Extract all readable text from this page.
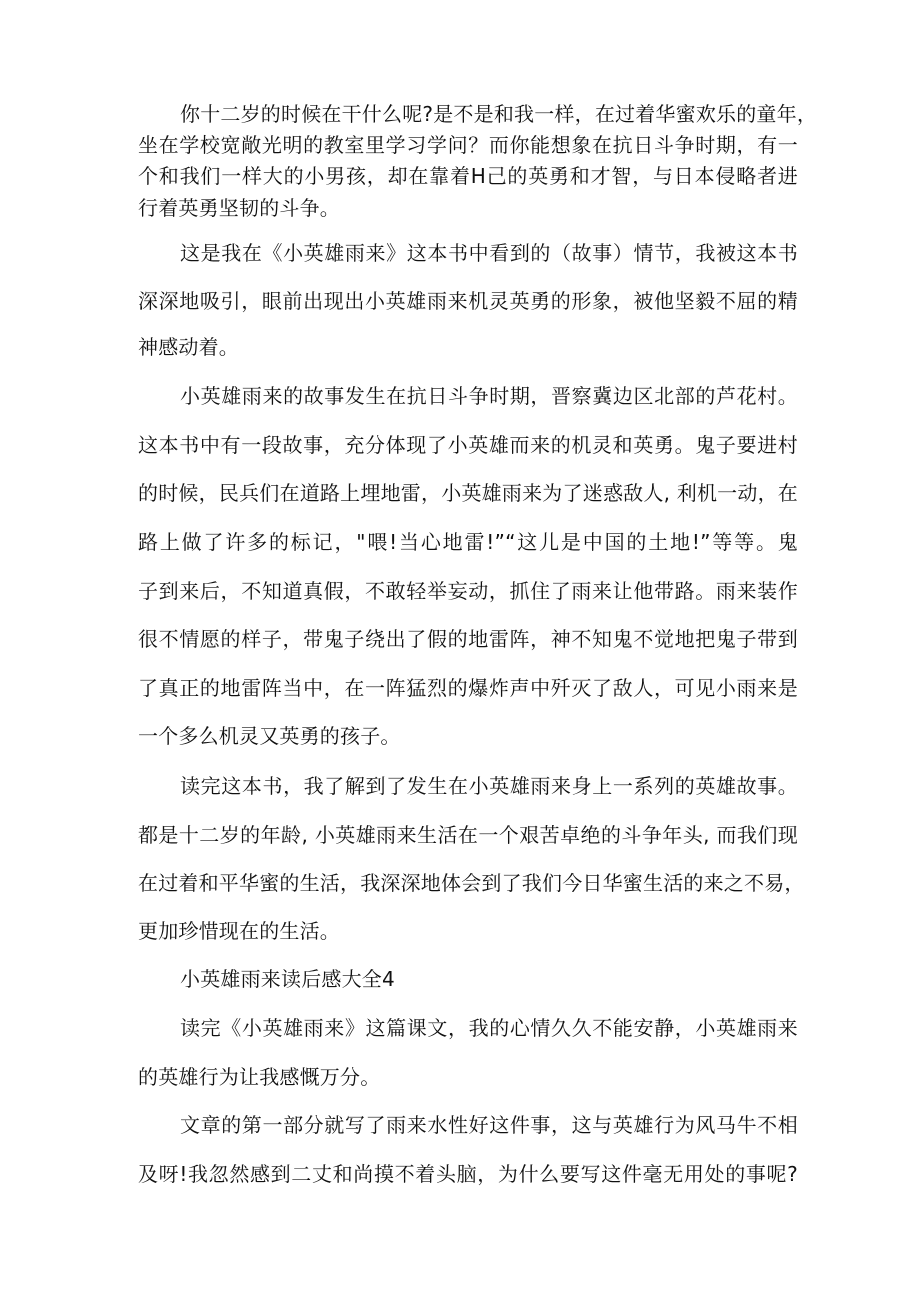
你十二岁的时候在干什么呢?是不是和我一样，在过着华蜜欢乐的童年，
坐在学校宽敞光明的教室里学习学问？而你能想象在抗日斗争时期，有一
个和我们一样大的小男孩，却在靠着H己的英勇和才智，与日本侵略者进
行着英勇坚韧的斗争。
这是我在《小英雄雨来》这本书中看到的（故事）情节，我被这本书
深深地吸引，眼前出现出小英雄雨来机灵英勇的形象，被他坚毅不屈的精
神感动着。
小英雄雨来的故事发生在抗日斗争时期，晋察冀边区北部的芦花村。
这本书中有一段故事，充分体现了小英雄而来的机灵和英勇。鬼子要进村
的时候，民兵们在道路上埋地雷，小英雄雨来为了迷惑敌人, 利机一动，在
路上做了许多的标记，"喂!当心地雷!”“这儿是中国的土地!”等等。鬼
子到来后，不知道真假，不敢轻举妄动，抓住了雨来让他带路。雨来装作
很不情愿的样子，带鬼子绕出了假的地雷阵，神不知鬼不觉地把鬼子带到
了真正的地雷阵当中，在一阵猛烈的爆炸声中歼灭了敌人，可见小雨来是
一个多么机灵又英勇的孩子。
读完这本书，我了解到了发生在小英雄雨来身上一系列的英雄故事。
都是十二岁的年龄, 小英雄雨来生活在一个艰苦卓绝的斗争年头, 而我们现
在过着和平华蜜的生活，我深深地体会到了我们今日华蜜生活的来之不易，
更加珍惜现在的生活。
小英雄雨来读后感大全4
读完《小英雄雨来》这篇课文，我的心情久久不能安静，小英雄雨来
的英雄行为让我感慨万分。
文章的第一部分就写了雨来水性好这件事，这与英雄行为风马牛不相
及呀!我忽然感到二丈和尚摸不着头脑，为什么要写这件毫无用处的事呢?
